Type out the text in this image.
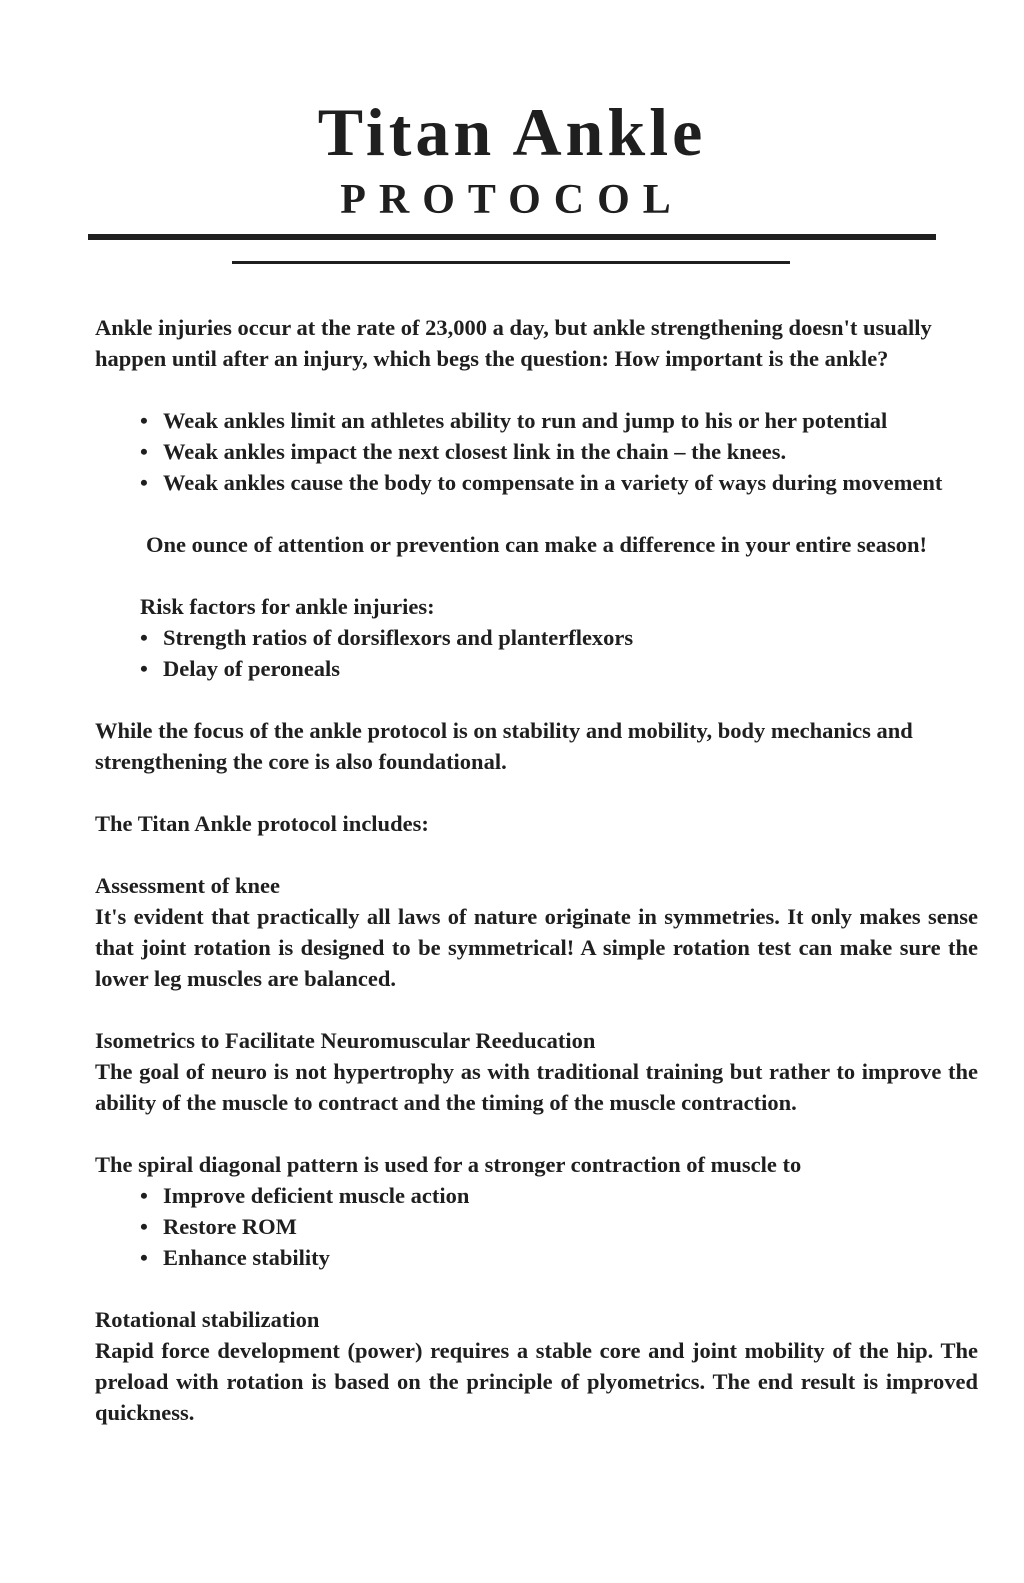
Titan Ankle
PROTOCOL

Ankle injuries occur at the rate of 23,000 a day, but ankle strengthening doesn't usually happen until after an injury, which begs the question: How important is the ankle?

• Weak ankles limit an athletes ability to run and jump to his or her potential
• Weak ankles impact the next closest link in the chain – the knees.
• Weak ankles cause the body to compensate in a variety of ways during movement

One ounce of attention or prevention can make a difference in your entire season!

Risk factors for ankle injuries:

• Strength ratios of dorsiflexors and planterflexors
• Delay of peroneals

While the focus of the ankle protocol is on stability and mobility, body mechanics and strengthening the core is also foundational.

The Titan Ankle protocol includes:

Assessment of knee

It's evident that practically all laws of nature originate in symmetries. It only makes sense that joint rotation is designed to be symmetrical! A simple rotation test can make sure the lower leg muscles are balanced.

Isometrics to Facilitate Neuromuscular Reeducation

The goal of neuro is not hypertrophy as with traditional training but rather to improve the ability of the muscle to contract and the timing of the muscle contraction.

The spiral diagonal pattern is used for a stronger contraction of muscle to

• Improve deficient muscle action
• Restore ROM
• Enhance stability

Rotational stabilization

Rapid force development (power) requires a stable core and joint mobility of the hip. The preload with rotation is based on the principle of plyometrics. The end result is improved quickness.
